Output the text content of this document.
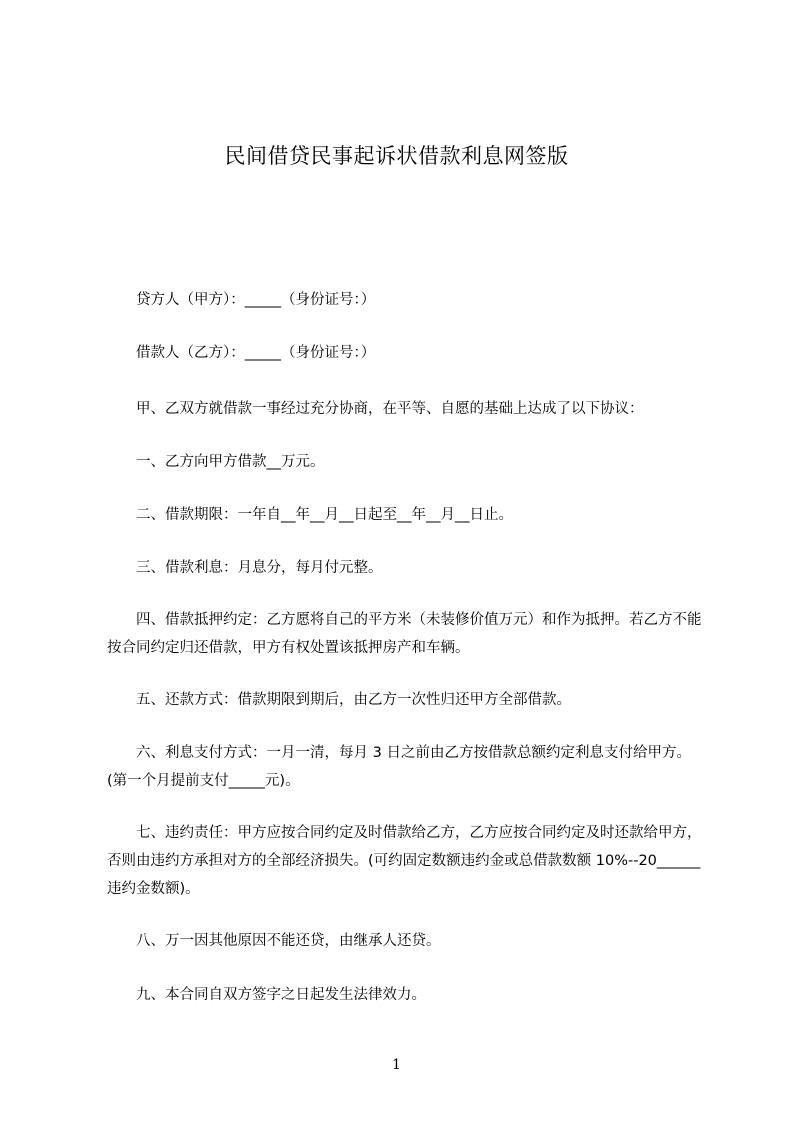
民间借贷民事起诉状借款利息网签版

贷方人（甲方）：_____（身份证号：）

借款人（乙方）：_____（身份证号：）

甲、乙双方就借款一事经过充分协商，在平等、自愿的基础上达成了以下协议：

一、乙方向甲方借款__万元。

二、借款期限：一年自__年__月__日起至__年__月__日止。

三、借款利息：月息分，每月付元整。

四、借款抵押约定：乙方愿将自己的平方米（未装修价值万元）和作为抵押。若乙方不能按合同约定归还借款，甲方有权处置该抵押房产和车辆。

五、还款方式：借款期限到期后，由乙方一次性归还甲方全部借款。

六、利息支付方式：一月一清，每月 3 日之前由乙方按借款总额约定利息支付给甲方。(第一个月提前支付_____元)。

七、违约责任：甲方应按合同约定及时借款给乙方，乙方应按合同约定及时还款给甲方，否则由违约方承担对方的全部经济损失。(可约固定数额违约金或总借款数额 10%--20______违约金数额)。

八、万一因其他原因不能还贷，由继承人还贷。

九、本合同自双方签字之日起发生法律效力。

1
